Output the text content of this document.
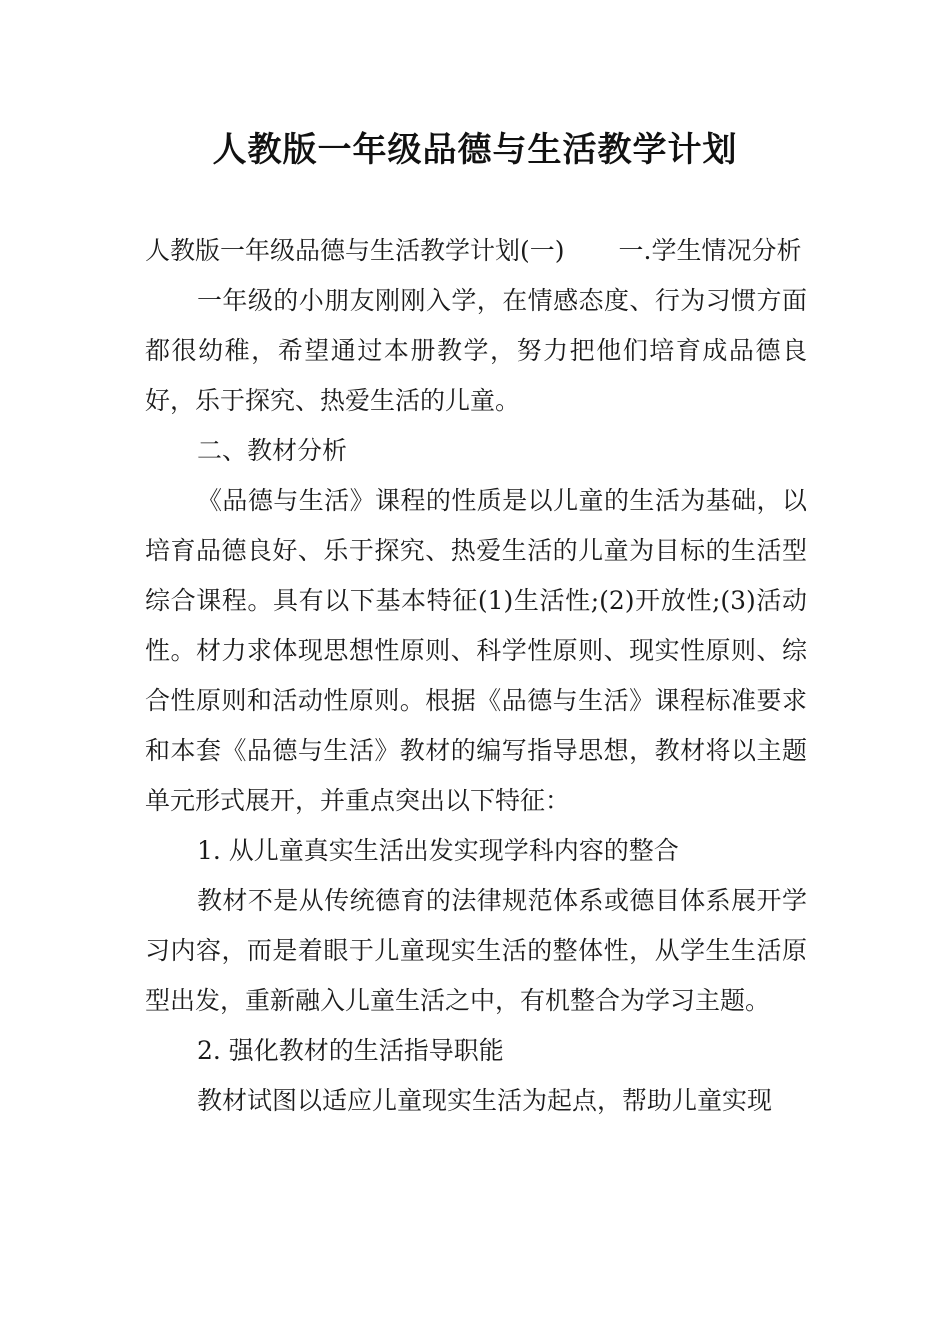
人教版一年级品德与生活教学计划

人教版一年级品德与生活教学计划(一) 一.学生情况分析

一年级的小朋友刚刚入学，在情感态度、行为习惯方面都很幼稚，希望通过本册教学，努力把他们培育成品德良好，乐于探究、热爱生活的儿童。

二、教材分析

《品德与生活》课程的性质是以儿童的生活为基础，以培育品德良好、乐于探究、热爱生活的儿童为目标的生活型综合课程。具有以下基本特征(1)生活性;(2)开放性;(3)活动性。材力求体现思想性原则、科学性原则、现实性原则、综合性原则和活动性原则。根据《品德与生活》课程标准要求和本套《品德与生活》教材的编写指导思想，教材将以主题单元形式展开，并重点突出以下特征：

1. 从儿童真实生活出发实现学科内容的整合

教材不是从传统德育的法律规范体系或德目体系展开学习内容，而是着眼于儿童现实生活的整体性，从学生生活原型出发，重新融入儿童生活之中，有机整合为学习主题。

2. 强化教材的生活指导职能

教材试图以适应儿童现实生活为起点，帮助儿童实现
